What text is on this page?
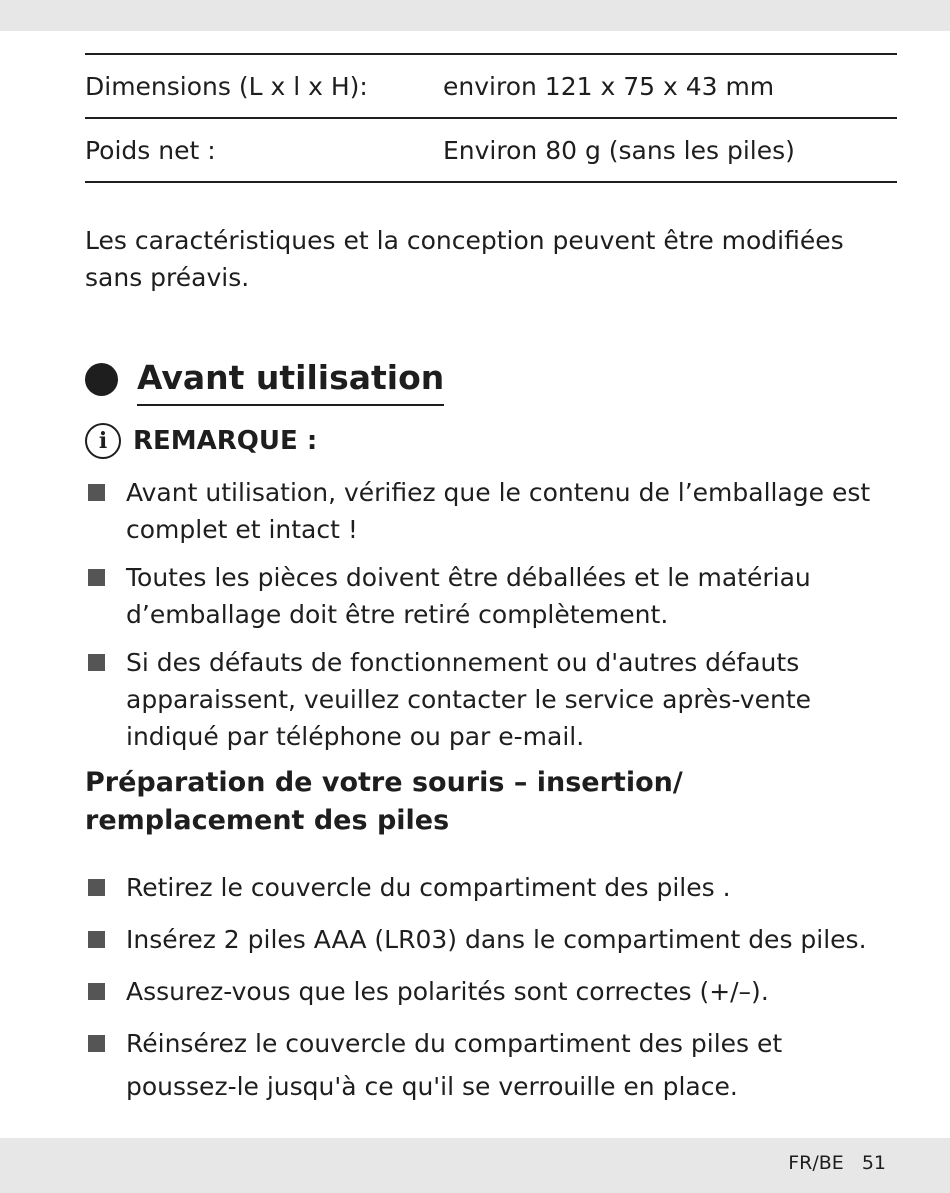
Dimensions (L x l x H):	environ 121 x 75 x 43 mm
Poids net :	Environ 80 g (sans les piles)

Les caractéristiques et la conception peuvent être modifiées sans préavis.

Avant utilisation
i REMARQUE :
Avant utilisation, vérifiez que le contenu de l’emballage est complet et intact !
Toutes les pièces doivent être déballées et le matériau d’emballage doit être retiré complètement.
Si des défauts de fonctionnement ou d'autres défauts apparaissent, veuillez contacter le service après-vente indiqué par téléphone ou par e-mail.
Préparation de votre souris – insertion/ remplacement des piles
Retirez le couvercle du compartiment des piles .
Insérez 2 piles AAA (LR03) dans le compartiment des piles.
Assurez-vous que les polarités sont correctes (+/–).
Réinsérez le couvercle du compartiment des piles et poussez-le jusqu'à ce qu'il se verrouille en place.
FR/BE 51
